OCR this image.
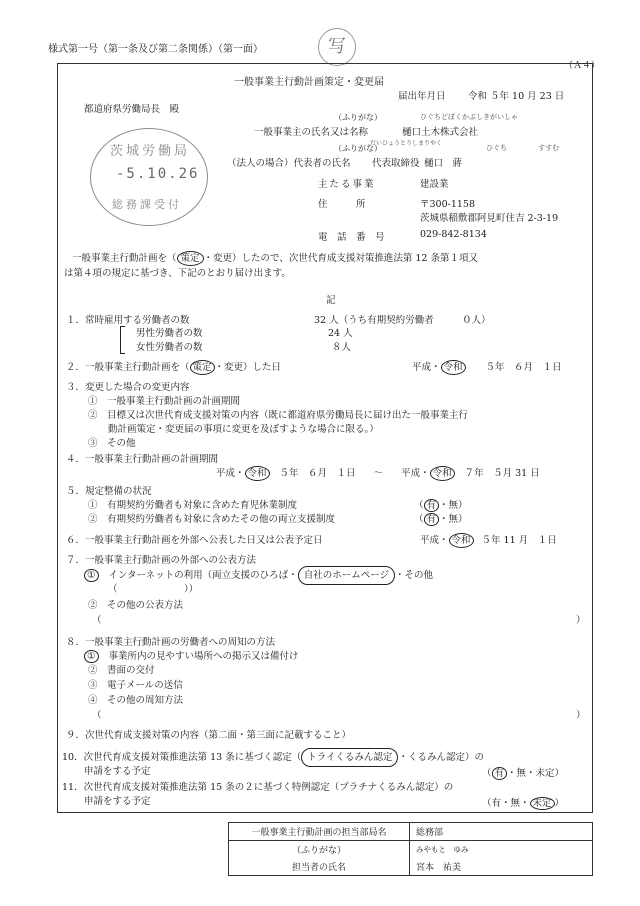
様式第一号（第一条及び第二条関係）（第一面）	写
（Ａ４）
一般事業主行動計画策定・変更届
届出年月日 令和 ５年 10 月 23 日
都道府県労働局長　殿
（ふりがな）	ひぐちどぼくかぶしきがいしゃ
一般事業主の氏名又は名称	樋口土木株式会社
（ふりがな）
だいひょうとりしまりやく
ひぐち	すすむ
（法人の場合）代表者の氏名 代表取締役 樋口　蔣
主たる事業	建設業
住　　　所	〒300-1158
茨城県稲敷郡阿見町住吉 2-3-19
電　話　番　号	029-842-8134
茨城労働局
-5.10.26
総務課受付
一般事業主行動計画を（ 策定 ・変更）したので、次世代育成支援対策推進法第 12 条第１項又
は第４項の規定に基づき、下記のとおり届け出ます。
記
１．常時雇用する労働者の数	32 人（うち有期契約労働者　　　０人）
男性労働者の数	24 人
女性労働者の数	８人
２．一般事業主行動計画を（ 策定 ・変更）した日	平成・ 令和 ５年　６月　１日
３．変更した場合の変更内容
①　一般事業主行動計画の計画期間
②　目標又は次世代育成支援対策の内容（既に都道府県労働局長に届け出た一般事業主行
動計画策定・変更届の事項に変更を及ぼすような場合に限る。）
③　その他
４．一般事業主行動計画の計画期間
平成・ 令和 ５年　６月　１日 ～ 平成・ 令和 ７年　５月 31 日
５．規定整備の状況
①　有期契約労働者も対象に含めた育児休業制度	（ 有 ・無）
②　有期契約労働者も対象に含めたその他の両立支援制度	（ 有 ・無）
６．一般事業主行動計画を外部へ公表した日又は公表予定日	平成・ 令和 ５年 11 月　１日
７．一般事業主行動計画の外部への公表方法
① インターネットの利用（両立支援のひろば・ 自社のホームページ ・その他
（　　　　　　　））
②　その他の公表方法
（	）
８．一般事業主行動計画の労働者への周知の方法
① 事業所内の見やすい場所への掲示又は備付け
②　書面の交付
③　電子メールの送信
④　その他の周知方法
（	）
９．次世代育成支援対策の内容（第二面・第三面に記載すること）
10．次世代育成支援対策推進法第 13 条に基づく認定（ トライくるみん認定 ・くるみん認定）の
申請をする予定	（ 有 ・無・未定）
11．次世代育成支援対策推進法第 15 条の２に基づく特例認定（プラチナくるみん認定）の
申請をする予定	（有・無・ 未定 ）
一般事業主行動計画の担当部局名	総務部
（ふりがな）	みやもと　ゆみ
担当者の氏名	宮本　祐美
